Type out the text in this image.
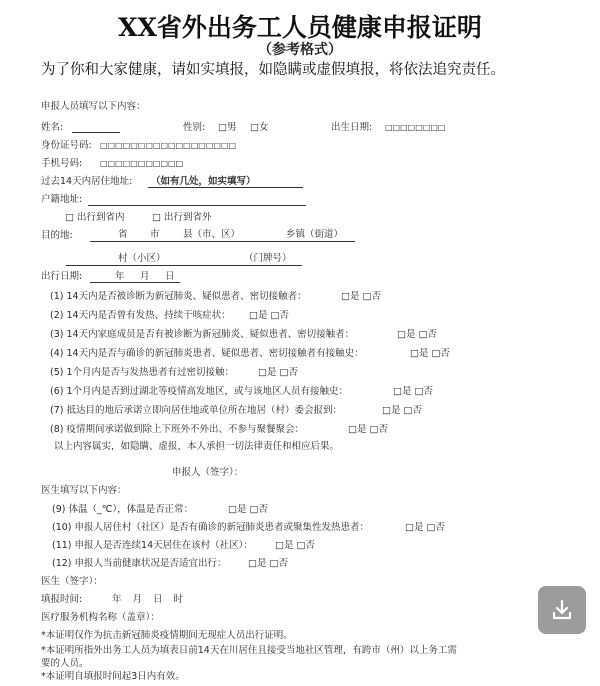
XX省外出务工人员健康申报证明
（参考格式）
为了你和大家健康，请如实填报，如隐瞒或虚假填报，将依法追究责任。
申报人员填写以下内容：
姓名:	性别: □男 □女	出生日期: □□□□□□□□
身份证号码: □□□□□□□□□□□□□□□□□□
手机号码: □□□□□□□□□□□
过去14天内居住地址: （如有几处，如实填写）
户籍地址:
□ 出行到省内	□ 出行到省外
目的地:	省 市 县（市、区）	乡镇（街道）
村（小区）	（门牌号）
出行日期:	年 月 日
(1) 14天内是否被诊断为新冠肺炎、疑似患者、密切接触者：	□是 □否
(2) 14天内是否曾有发热、持续干咳症状： □是 □否
(3) 14天内家庭成员是否有被诊断为新冠肺炎、疑似患者、密切接触者：	□是 □否
(4) 14天内是否与确诊的新冠肺炎患者、疑似患者、密切接触者有接触史：	□是 □否
(5) 1个月内是否与发热患者有过密切接触：	□是 □否
(6) 1个月内是否到过湖北等疫情高发地区，或与该地区人员有接触史：	□是 □否
(7) 抵达目的地后承诺立即向居住地或单位所在地居（村）委会报到：	□是 □否
(8) 疫情期间承诺做到除上下班外不外出、不参与聚餐聚会：	□是 □否
以上内容属实，如隐瞒、虚报，本人承担一切法律责任和相应后果。
申报人（签字）：
医生填写以下内容：
(9) 体温（_℃），体温是否正常：	□是 □否
(10) 申报人居住村（社区）是否有确诊的新冠肺炎患者或聚集性发热患者：	□是 □否
(11) 申报人是否连续14天居住在该村（社区）： □是 □否
(12) 申报人当前健康状况是否适宜出行： □是 □否
医生（签字）：
填报时间:	年 月 日 时
医疗服务机构名称（盖章）：
*本证明仅作为抗击新冠肺炎疫情期间无现症人员出行证明。
*本证明所指外出务工人员为填表日前14天在川居住且接受当地社区管理，有跨市（州）以上务工需
要的人员。
*本证明自填报时间起3日内有效。
